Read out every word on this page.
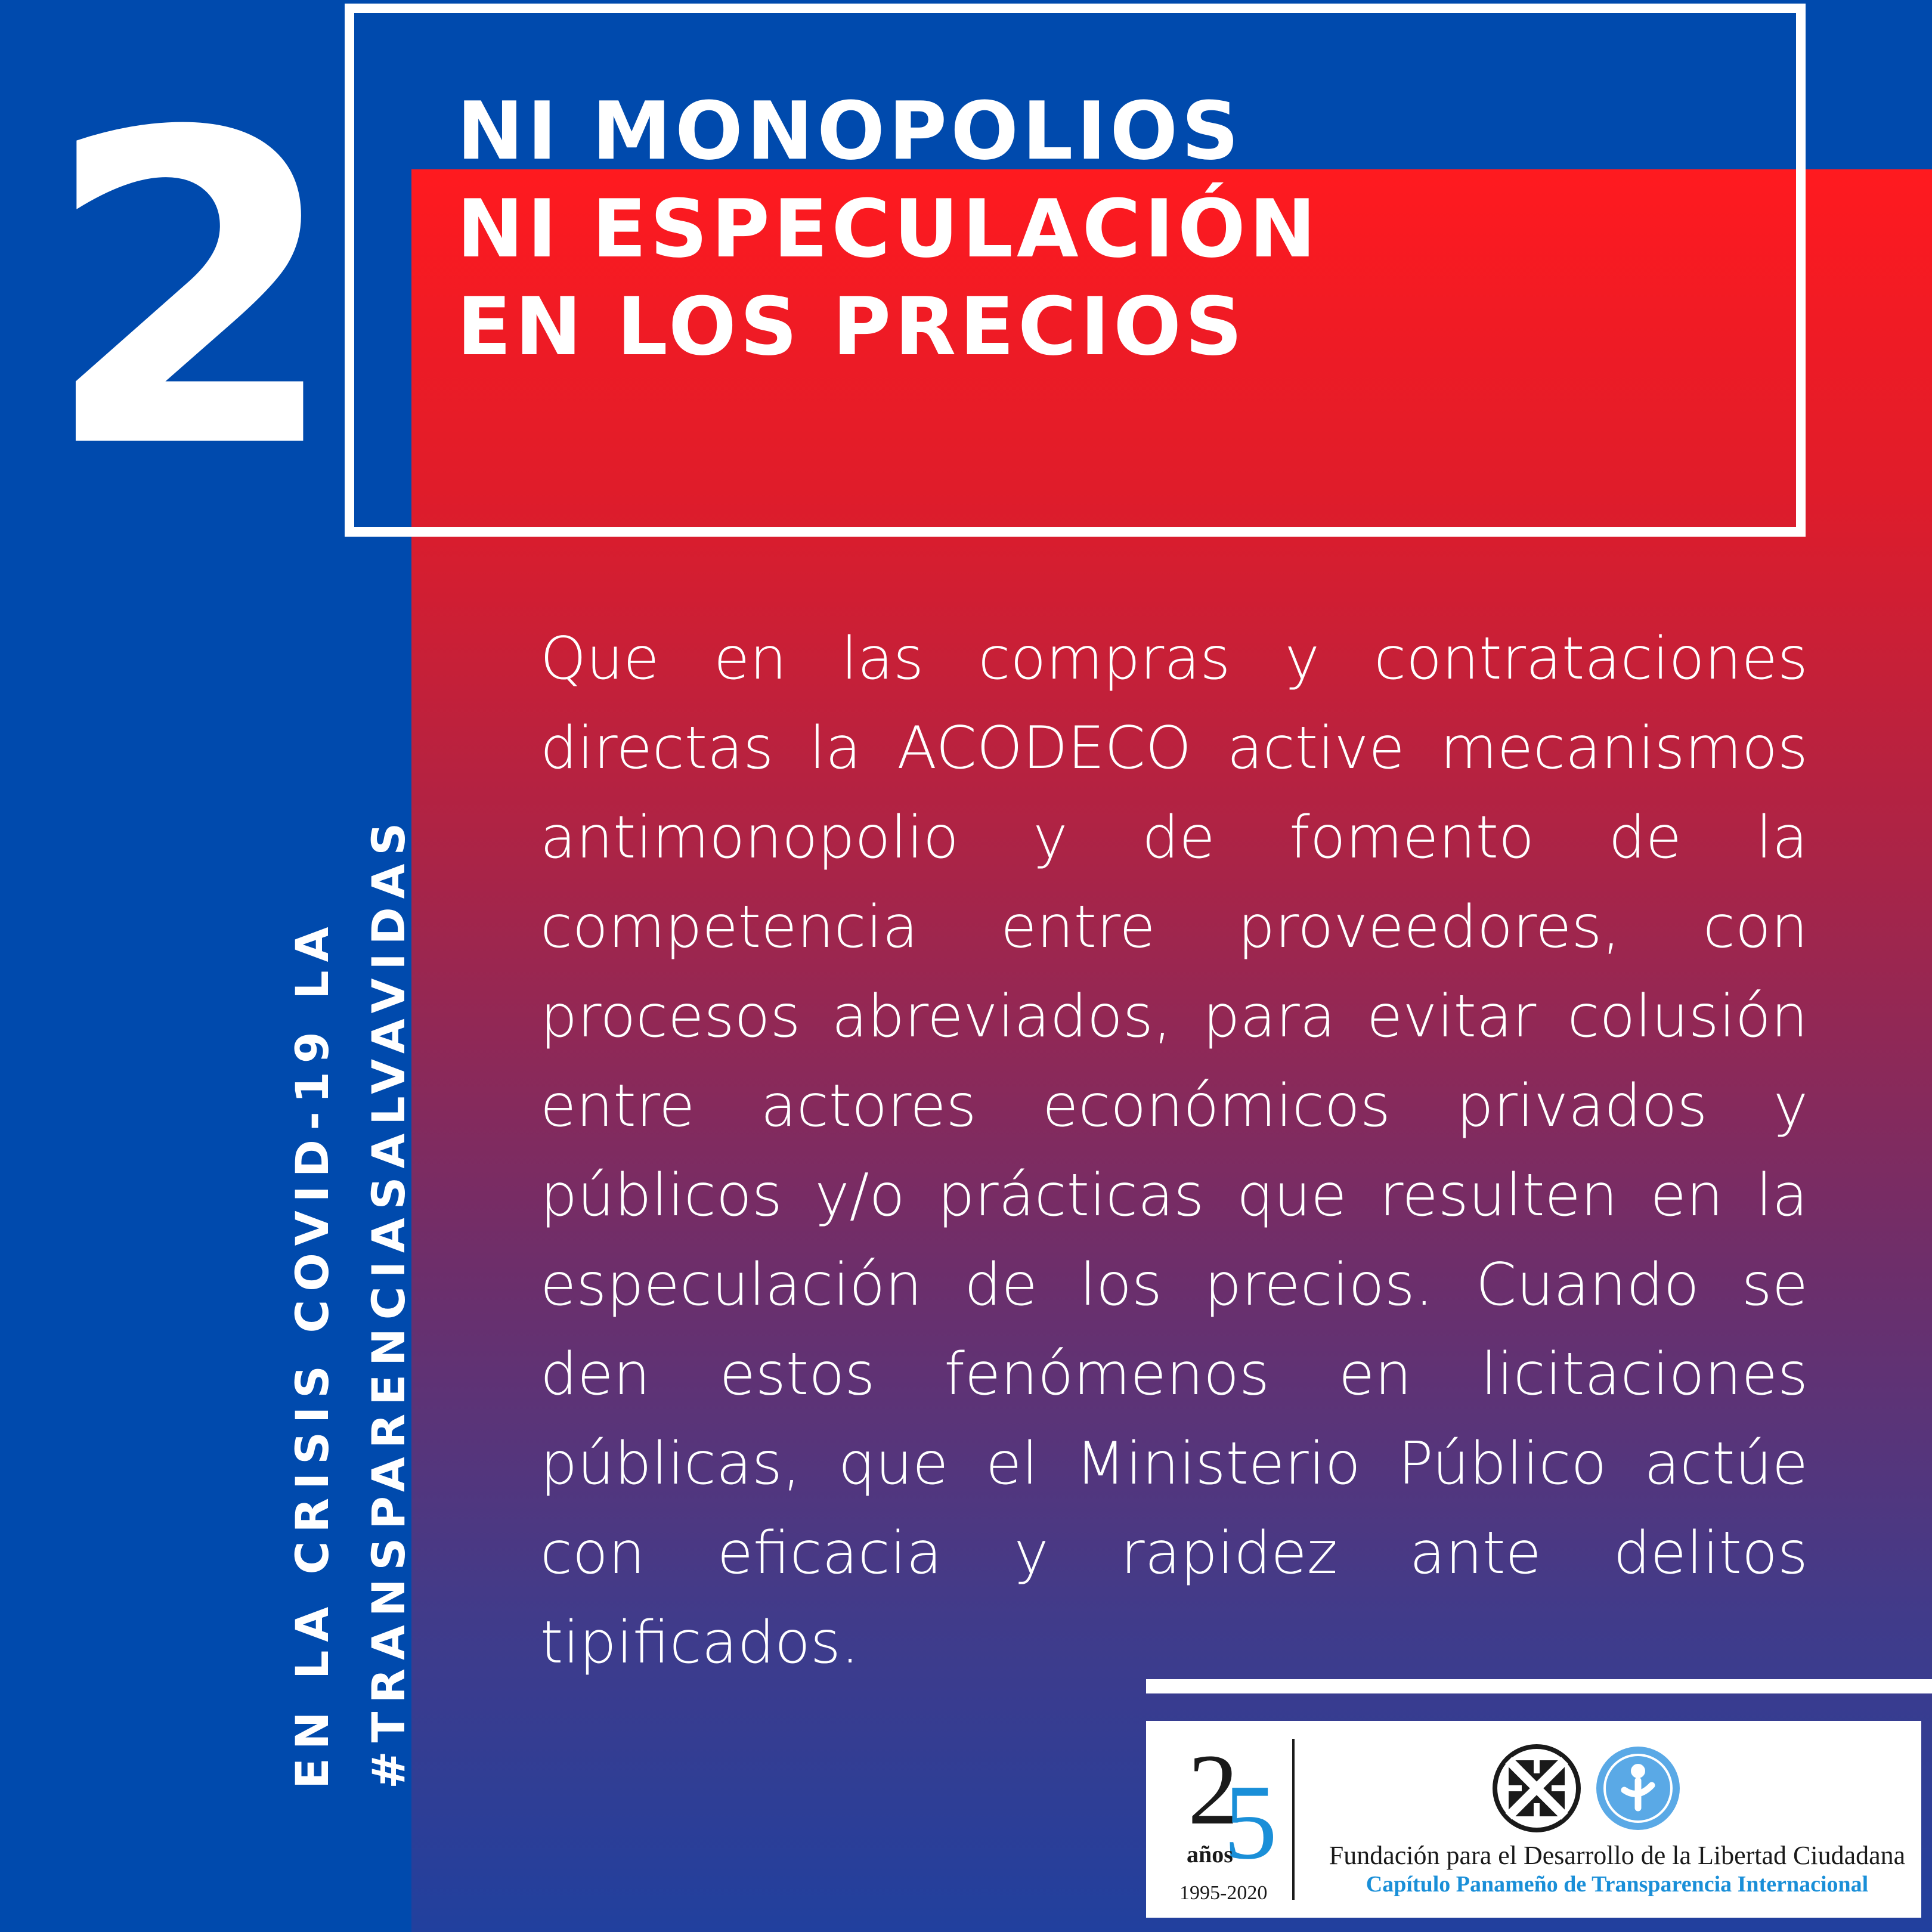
2 NI MONOPOLIOS
NI ESPECULACIÓN
EN LOS PRECIOS
EN LA CRISIS COVID-19 LA #TRANSPARENCIASALVAVIDAS
Que en las compras y contrataciones directas la ACODECO active mecanismos antimonopolio y de fomento de la competencia entre proveedores, con procesos abreviados, para evitar colusión entre actores económicos privados y públicos y/o prácticas que resulten en la especulación de los precios. Cuando se den estos fenómenos en licitaciones públicas, que el Ministerio Público actúe con eficacia y rapidez ante delitos tipificados.
2
5
años
1995-2020
Fundación para el Desarrollo de la Libertad Ciudadana
Capítulo Panameño de Transparencia Internacional
